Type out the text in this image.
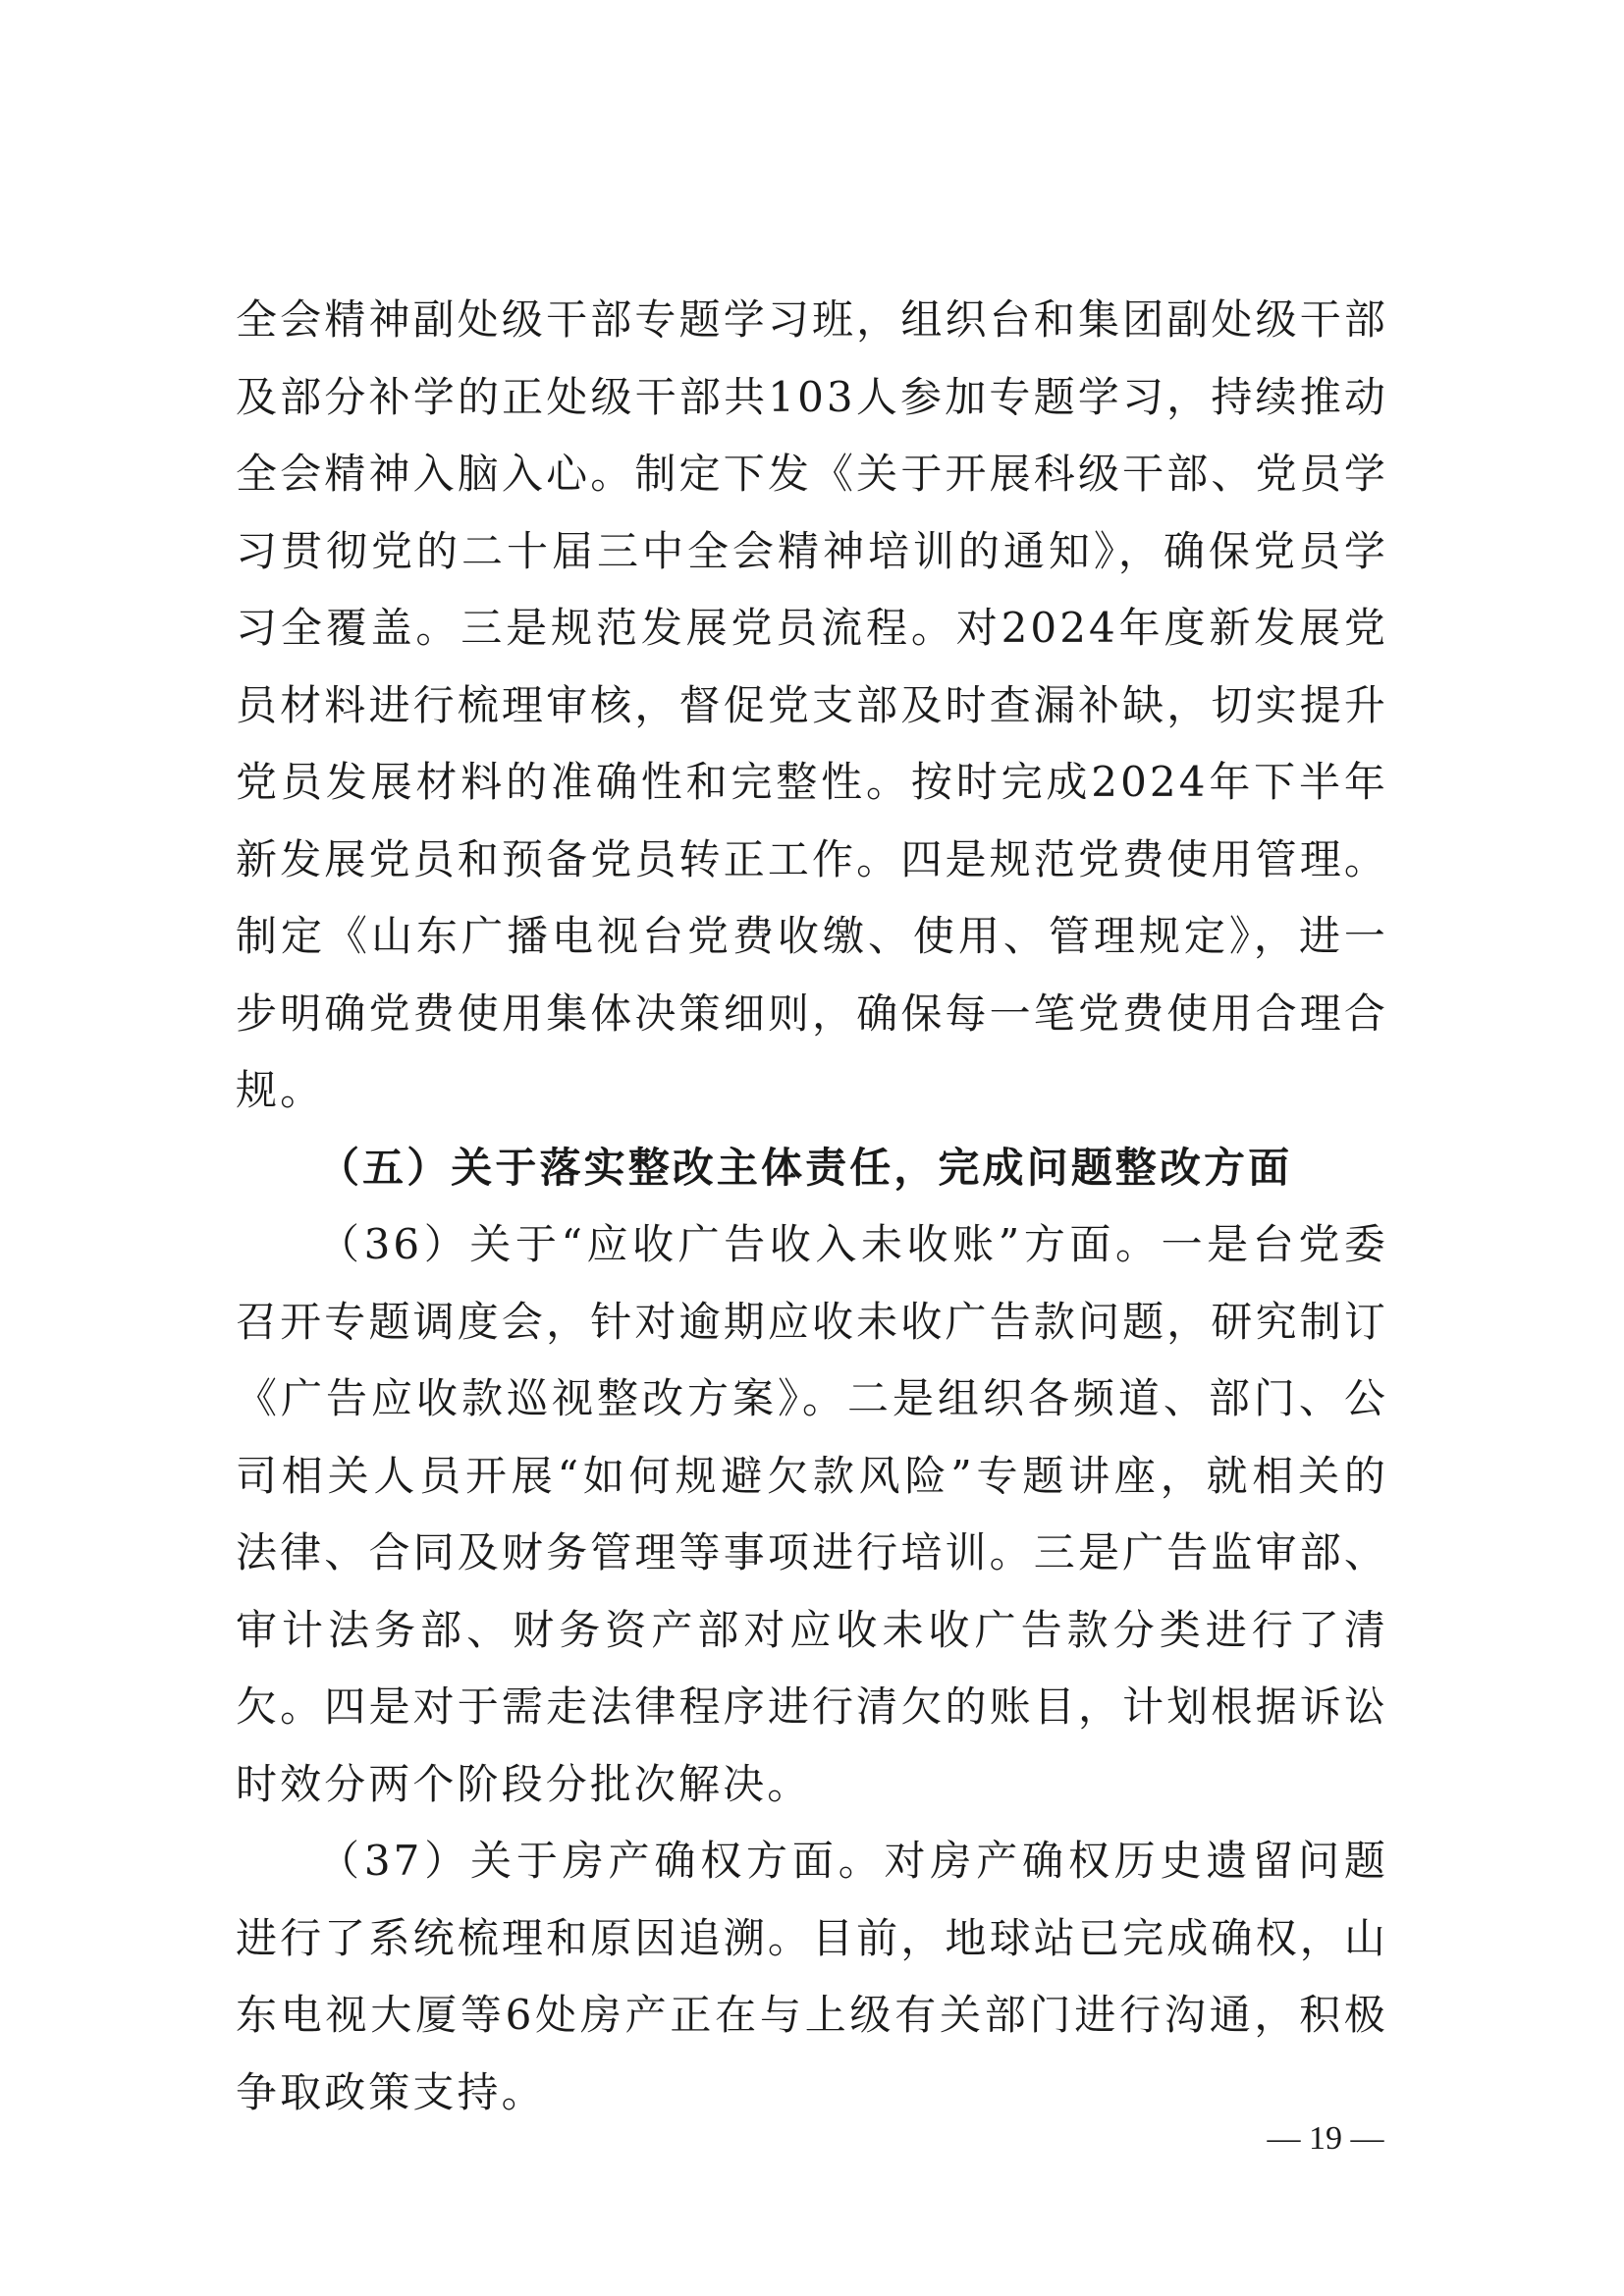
全会精神副处级干部专题学习班，组织台和集团副处级干部及部分补学的正处级干部共103人参加专题学习，持续推动全会精神入脑入心。制定下发《关于开展科级干部、党员学习贯彻党的二十届三中全会精神培训的通知》，确保党员学习全覆盖。三是规范发展党员流程。对2024年度新发展党员材料进行梳理审核，督促党支部及时查漏补缺，切实提升党员发展材料的准确性和完整性。按时完成2024年下半年新发展党员和预备党员转正工作。四是规范党费使用管理。制定《山东广播电视台党费收缴、使用、管理规定》，进一步明确党费使用集体决策细则，确保每一笔党费使用合理合规。

（五）关于落实整改主体责任，完成问题整改方面

（36）关于“应收广告收入未收账”方面。一是台党委召开专题调度会，针对逾期应收未收广告款问题，研究制订《广告应收款巡视整改方案》。二是组织各频道、部门、公司相关人员开展“如何规避欠款风险”专题讲座，就相关的法律、合同及财务管理等事项进行培训。三是广告监审部、审计法务部、财务资产部对应收未收广告款分类进行了清欠。四是对于需走法律程序进行清欠的账目，计划根据诉讼时效分两个阶段分批次解决。

（37）关于房产确权方面。对房产确权历史遗留问题进行了系统梳理和原因追溯。目前，地球站已完成确权，山东电视大厦等6处房产正在与上级有关部门进行沟通，积极争取政策支持。

— 19 —
